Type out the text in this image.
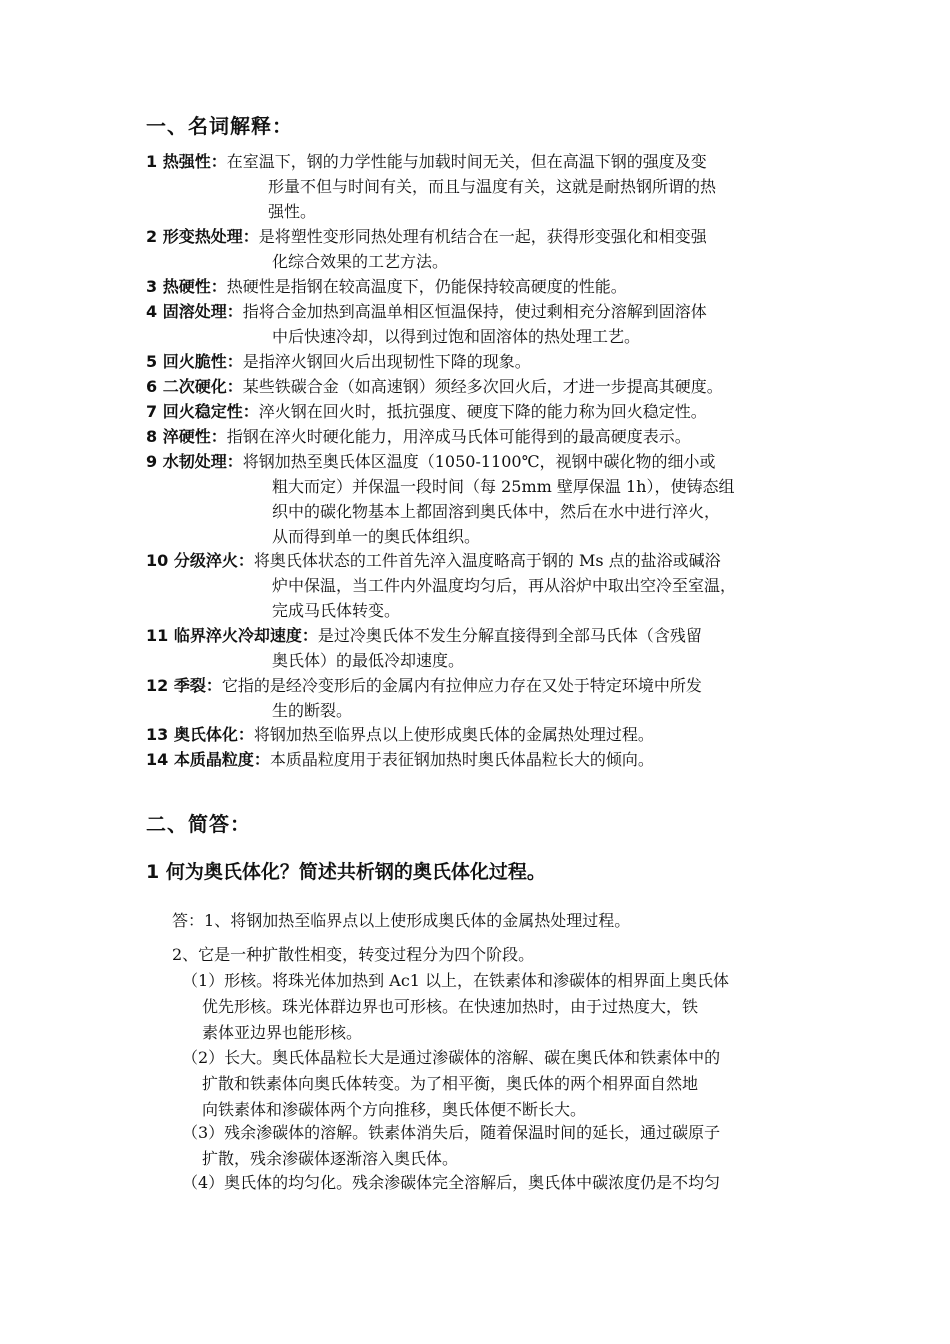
一、名词解释：
1 热强性：在室温下，钢的力学性能与加载时间无关，但在高温下钢的强度及变
形量不但与时间有关，而且与温度有关，这就是耐热钢所谓的热
强性。
2 形变热处理：是将塑性变形同热处理有机结合在一起，获得形变强化和相变强
化综合效果的工艺方法。
3 热硬性：热硬性是指钢在较高温度下，仍能保持较高硬度的性能。
4 固溶处理：指将合金加热到高温单相区恒温保持，使过剩相充分溶解到固溶体
中后快速冷却，以得到过饱和固溶体的热处理工艺。
5 回火脆性：是指淬火钢回火后出现韧性下降的现象。
6 二次硬化：某些铁碳合金（如高速钢）须经多次回火后，才进一步提高其硬度。
7 回火稳定性：淬火钢在回火时，抵抗强度、硬度下降的能力称为回火稳定性。
8 淬硬性：指钢在淬火时硬化能力，用淬成马氏体可能得到的最高硬度表示。
9 水韧处理：将钢加热至奥氏体区温度（1050-1100℃，视钢中碳化物的细小或
粗大而定）并保温一段时间（每 25mm 壁厚保温 1h），使铸态组
织中的碳化物基本上都固溶到奥氏体中，然后在水中进行淬火，
从而得到单一的奥氏体组织。
10 分级淬火：将奥氏体状态的工件首先淬入温度略高于钢的 Ms 点的盐浴或碱浴
炉中保温，当工件内外温度均匀后，再从浴炉中取出空冷至室温，
完成马氏体转变。
11 临界淬火冷却速度：是过冷奥氏体不发生分解直接得到全部马氏体（含残留
奥氏体）的最低冷却速度。
12 季裂：它指的是经冷变形后的金属内有拉伸应力存在又处于特定环境中所发
生的断裂。
13 奥氏体化：将钢加热至临界点以上使形成奥氏体的金属热处理过程。
14 本质晶粒度：本质晶粒度用于表征钢加热时奥氏体晶粒长大的倾向。
二、简答：
1 何为奥氏体化？简述共析钢的奥氏体化过程。
答：1、将钢加热至临界点以上使形成奥氏体的金属热处理过程。
2、它是一种扩散性相变，转变过程分为四个阶段。
（1）形核。将珠光体加热到 Ac1 以上，在铁素体和渗碳体的相界面上奥氏体
优先形核。珠光体群边界也可形核。在快速加热时，由于过热度大，铁
素体亚边界也能形核。
（2）长大。奥氏体晶粒长大是通过渗碳体的溶解、碳在奥氏体和铁素体中的
扩散和铁素体向奥氏体转变。为了相平衡，奥氏体的两个相界面自然地
向铁素体和渗碳体两个方向推移，奥氏体便不断长大。
（3）残余渗碳体的溶解。铁素体消失后，随着保温时间的延长，通过碳原子
扩散，残余渗碳体逐渐溶入奥氏体。
（4）奥氏体的均匀化。残余渗碳体完全溶解后，奥氏体中碳浓度仍是不均匀
